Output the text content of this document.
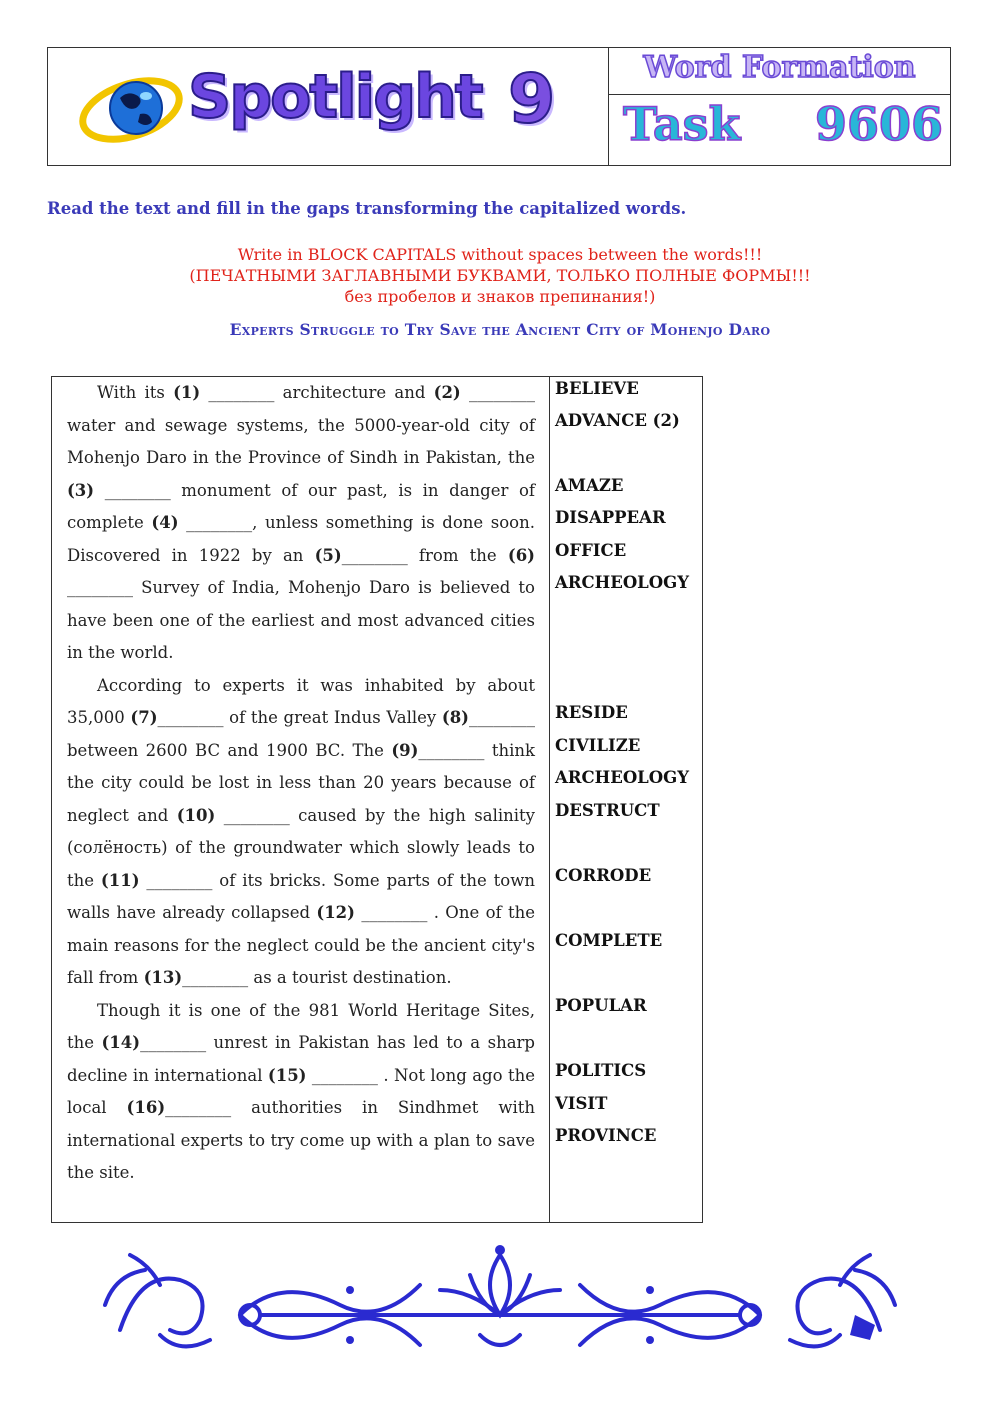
Spotlight 9	Word Formation
Task 9606
Read the text and fill in the gaps transforming the capitalized words.
Write in BLOCK CAPITALS without spaces between the words!!!
(ПЕЧАТНЫМИ ЗАГЛАВНЫМИ БУКВАМИ, ТОЛЬКО ПОЛНЫЕ ФОРМЫ!!!
без пробелов и знаков препинания!)
Experts Struggle to Try Save the Ancient City of Mohenjo Daro

With its (1) ________ architecture and (2) ________ water and sewage systems, the 5000-year-old city of Mohenjo Daro in the Province of Sindh in Pakistan, the (3) ________ monument of our past, is in danger of complete (4) ________, unless something is done soon. Discovered in 1922 by an (5)________ from the (6) ________ Survey of India, Mohenjo Daro is believed to have been one of the earliest and most advanced cities in the world.

According to experts it was inhabited by about 35,000 (7)________ of the great Indus Valley (8)________ between 2600 BC and 1900 BC. The (9)________ think the city could be lost in less than 20 years because of neglect and (10) ________ caused by the high salinity (солёность) of the groundwater which slowly leads to the (11) ________ of its bricks. Some parts of the town walls have already collapsed (12) ________ . One of the main reasons for the neglect could be the ancient city's fall from (13)________ as a tourist destination.

Though it is one of the 981 World Heritage Sites, the (14)________ unrest in Pakistan has led to a sharp decline in international (15) ________ . Not long ago the local (16)________ authorities in Sindhmet with international experts to try come up with a plan to save the site.

BELIEVE
ADVANCE (2)
AMAZE
DISAPPEAR
OFFICE
ARCHEOLOGY
RESIDE
CIVILIZE
ARCHEOLOGY
DESTRUCT
CORRODE
COMPLETE
POPULAR
POLITICS
VISIT
PROVINCE
